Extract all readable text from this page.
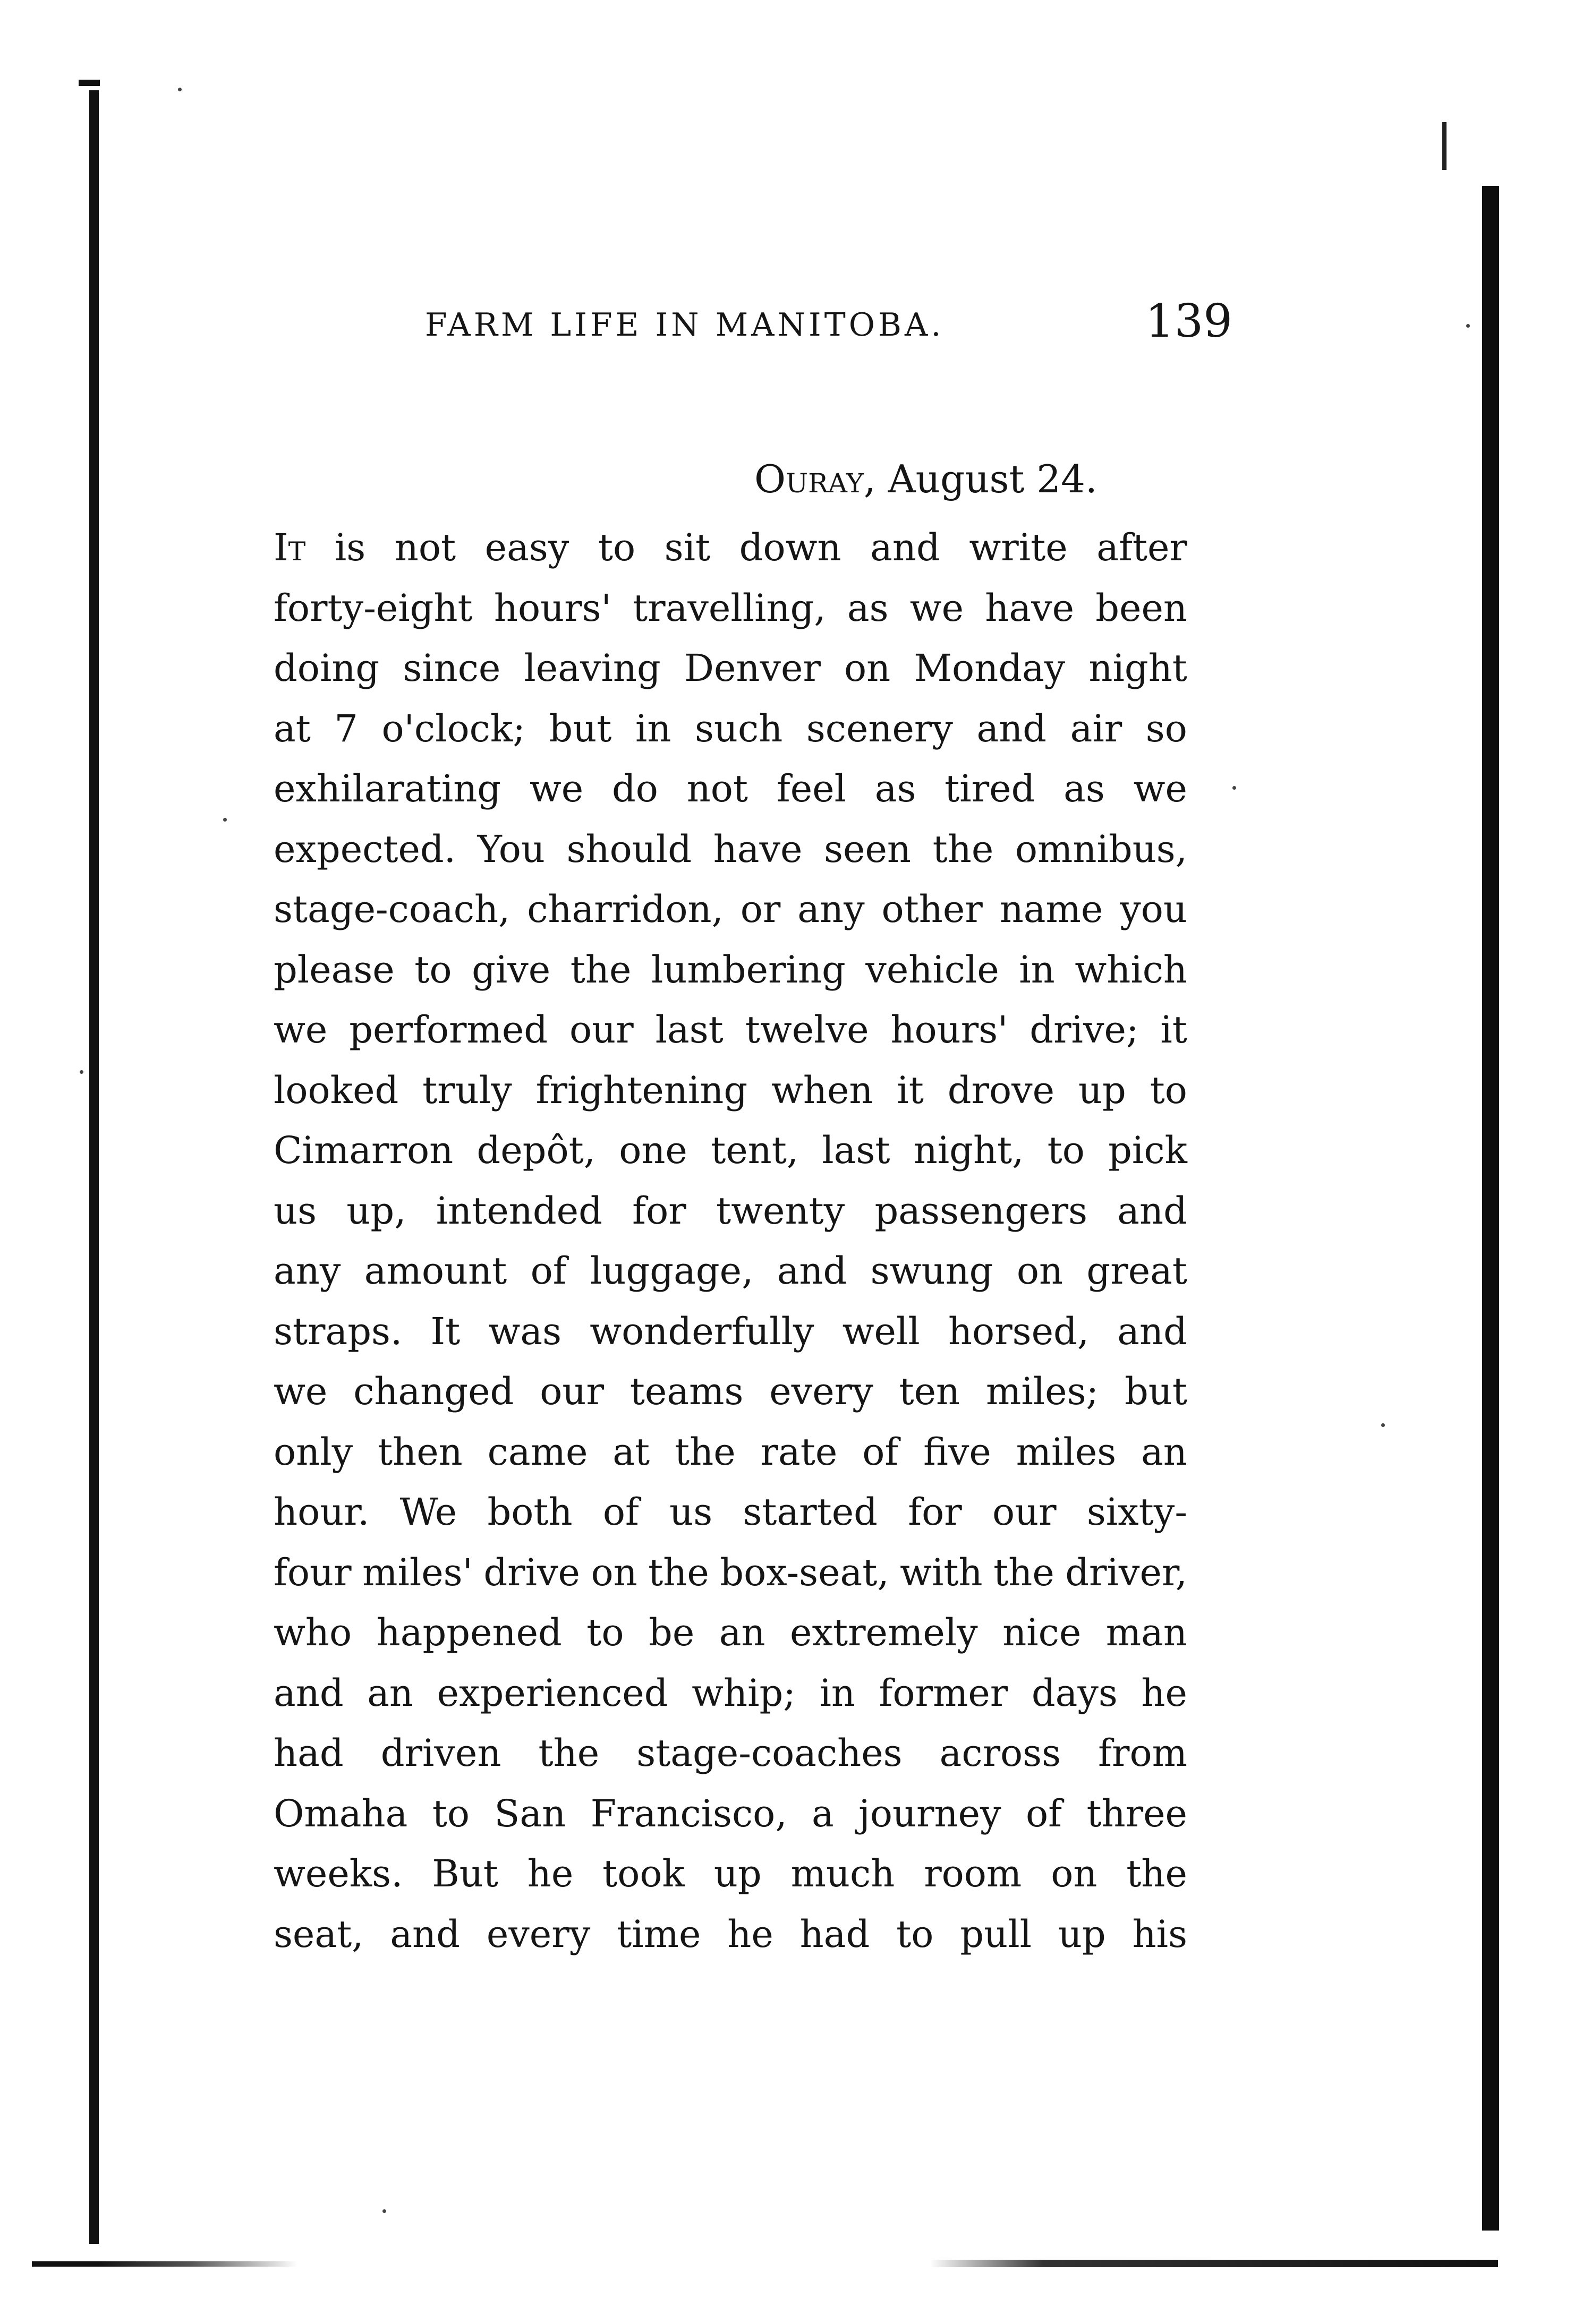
FARM LIFE IN MANITOBA.	139
Ouray, August 24.
It is not easy to sit down and write after
forty-eight hours' travelling, as we have been
doing since leaving Denver on Monday night
at 7 o'clock; but in such scenery and air so
exhilarating we do not feel as tired as we
expected. You should have seen the omnibus,
stage-coach, charridon, or any other name you
please to give the lumbering vehicle in which
we performed our last twelve hours' drive; it
looked truly frightening when it drove up to
Cimarron depôt, one tent, last night, to pick
us up, intended for twenty passengers and
any amount of luggage, and swung on great
straps. It was wonderfully well horsed, and
we changed our teams every ten miles; but
only then came at the rate of five miles an
hour. We both of us started for our sixty-
four miles' drive on the box-seat, with the driver,
who happened to be an extremely nice man
and an experienced whip; in former days he
had driven the stage-coaches across from
Omaha to San Francisco, a journey of three
weeks. But he took up much room on the
seat, and every time he had to pull up his
